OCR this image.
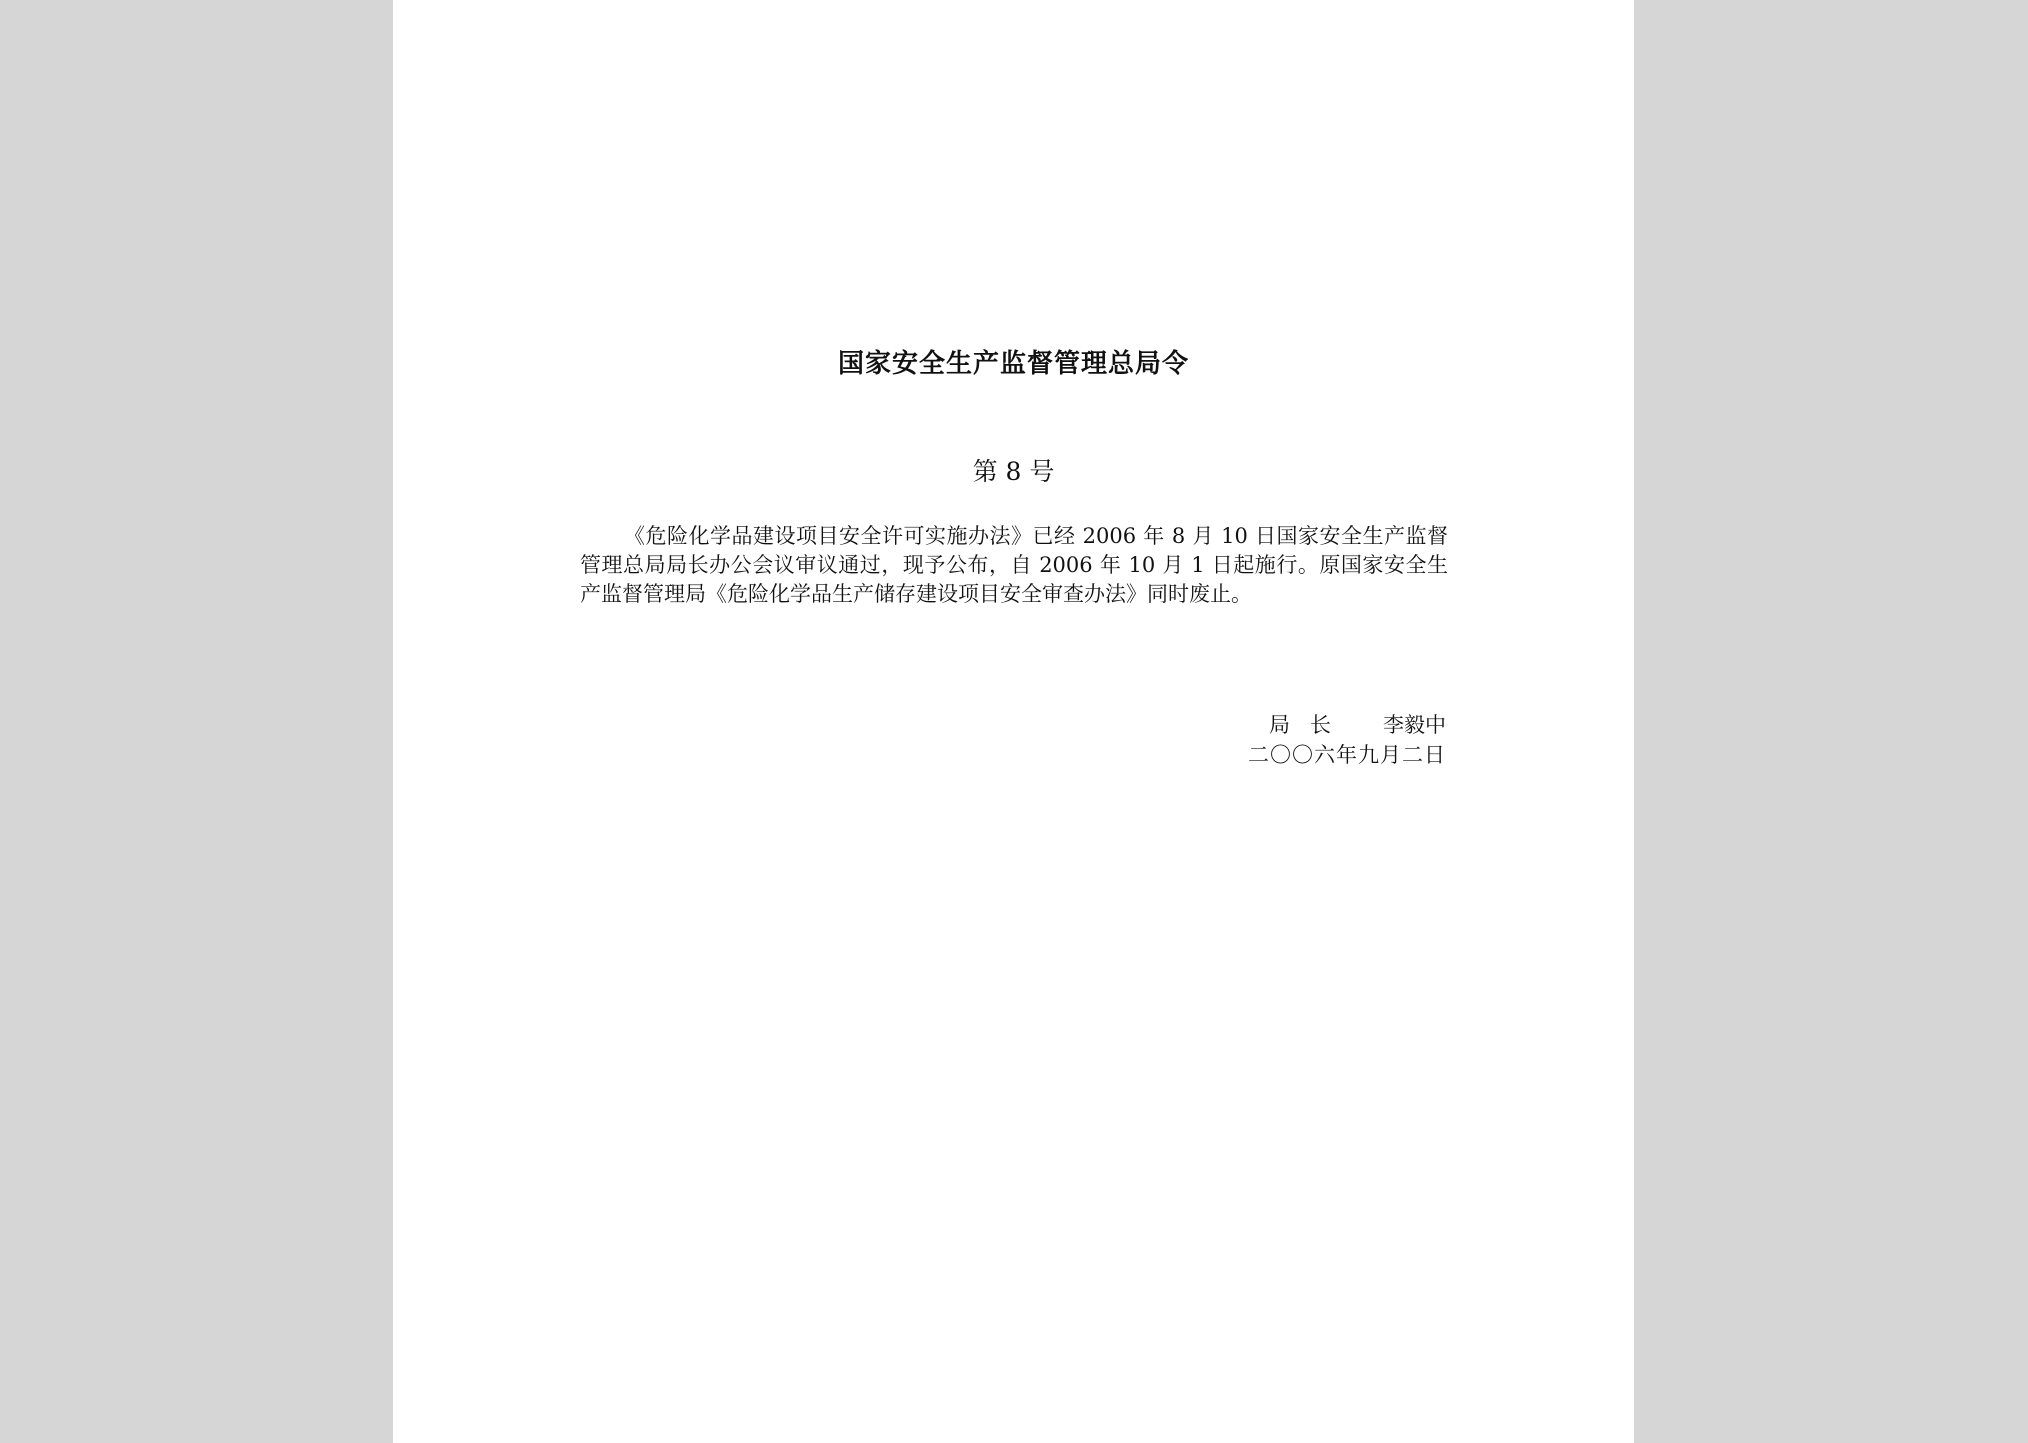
国家安全生产监督管理总局令

第 8 号

《危险化学品建设项目安全许可实施办法》已经 2006 年 8 月 10 日国家安全生产监督管理总局局长办公会议审议通过，现予公布，自 2006 年 10 月 1 日起施行。原国家安全生产监督管理局《危险化学品生产储存建设项目安全审查办法》同时废止。

局长 李毅中
二〇〇六年九月二日
